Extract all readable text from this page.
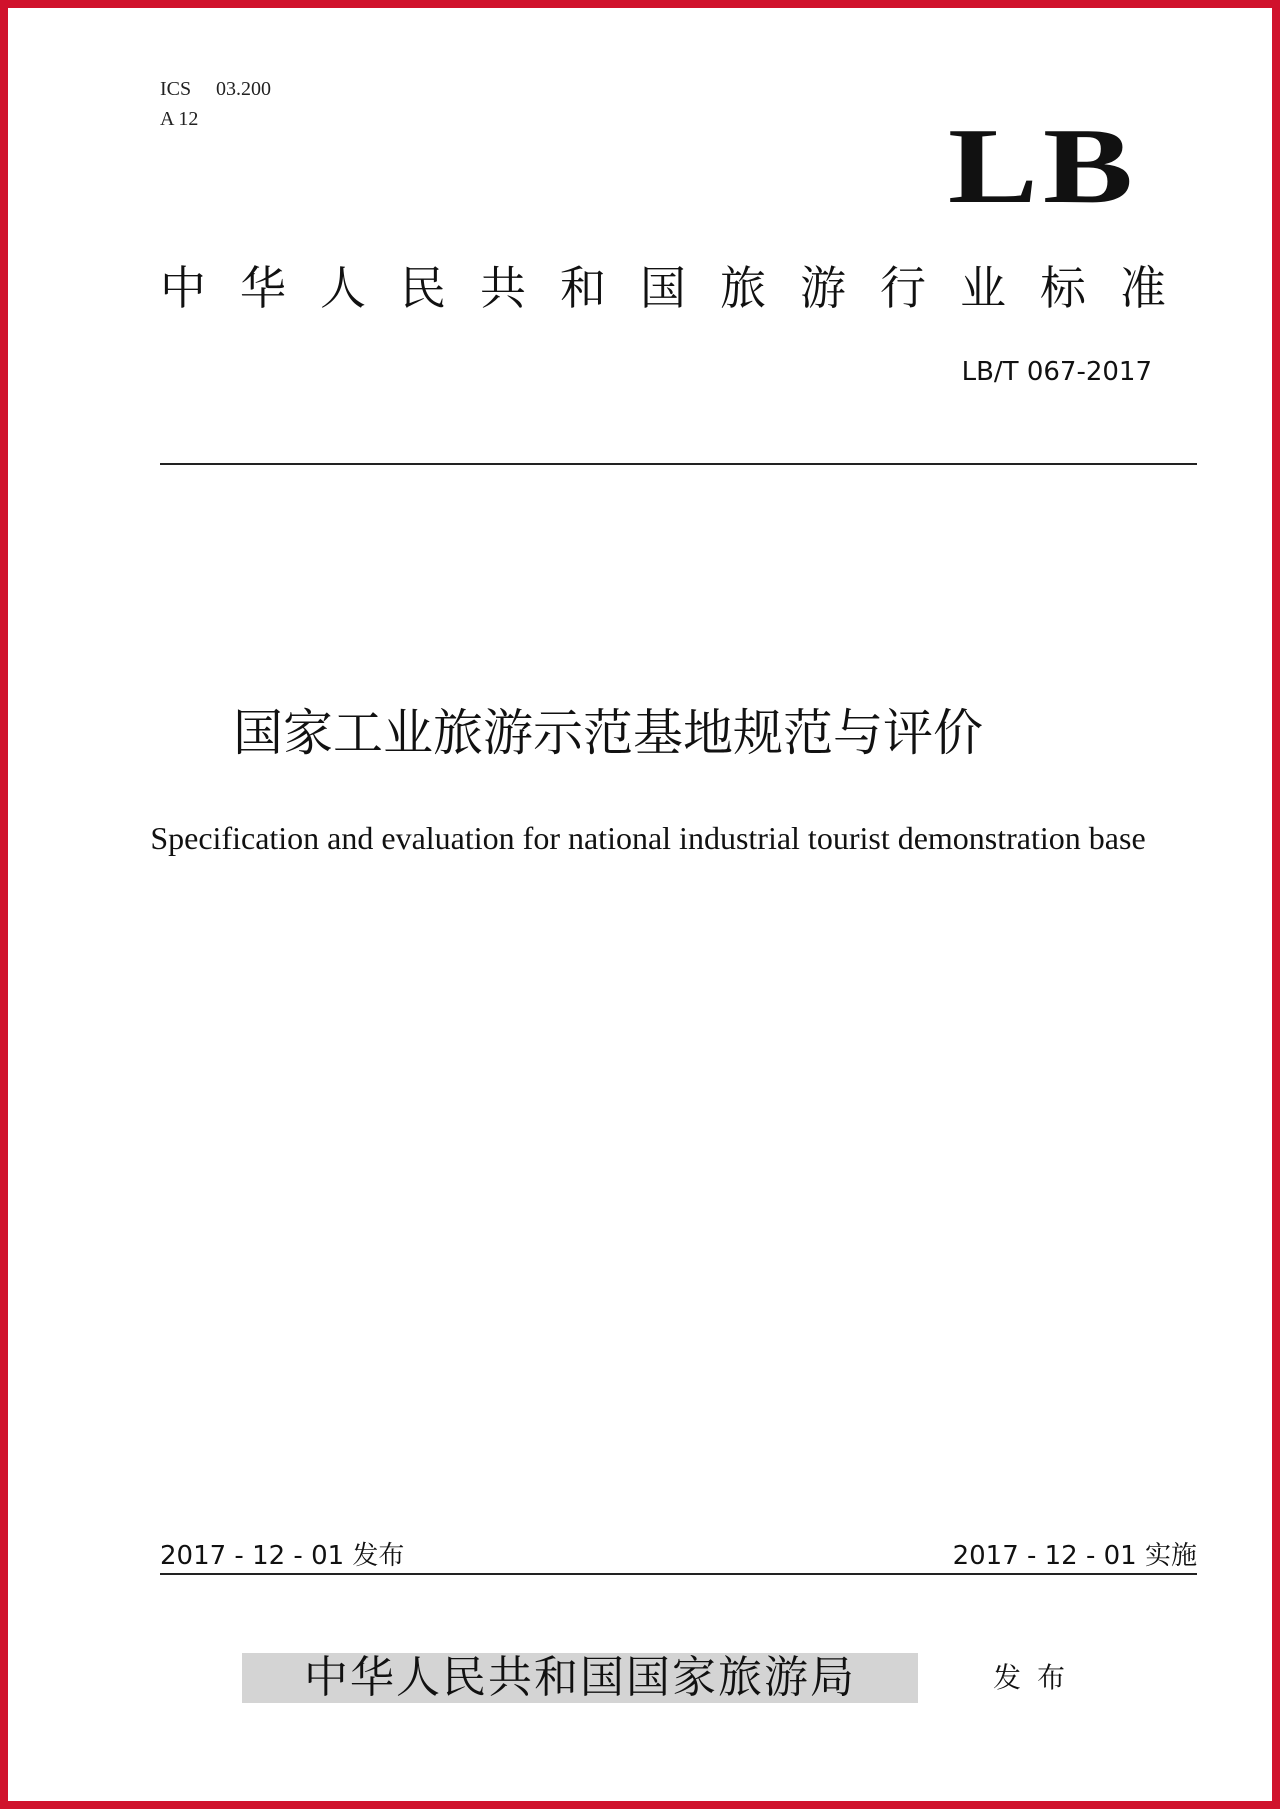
ICS 03.200
A 12	LB
中华人民共和国旅游行业标准
LB/T 067-2017
国家工业旅游示范基地规范与评价
Specification and evaluation for national industrial tourist demonstration base
2017 - 12 - 01 发布	2017 - 12 - 01 实施
中华人民共和国国家旅游局	发布
